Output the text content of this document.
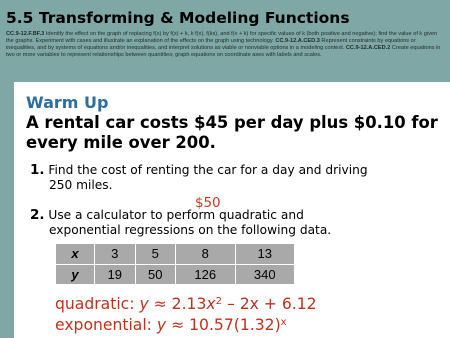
5.5 Transforming & Modeling Functions
CC.9-12.F.BF.3 Identify the effect on the graph of replacing f(x) by f(x) + k, k f(x), f(kx), and f(x + k) for specific values of k (both positive and negative); find the value of k given the graphs. Experiment with cases and illustrate an explanation of the effects on the graph using technology. CC.9-12.A.CED.3 Represent constraints by equations or inequalities, and by systems of equations and/or inequalities, and interpret solutions as viable or nonviable options in a modeling context. CC.9-12.A.CED.2 Create equations in two or more variables to represent relationships between quantities; graph equations on coordinate axes with labels and scales.
Warm Up
A rental car costs $45 per day plus $0.10 for every mile over 200.
1. Find the cost of renting the car for a day and driving
250 miles.
$50
2. Use a calculator to perform quadratic and
exponential regressions on the following data.
x	3	5	8	13
y	19	50	126	340
quadratic: $y \approx 2.13x^2 - 2x + 6.12$
exponential: $y \approx 10.57(1.32)^x$
